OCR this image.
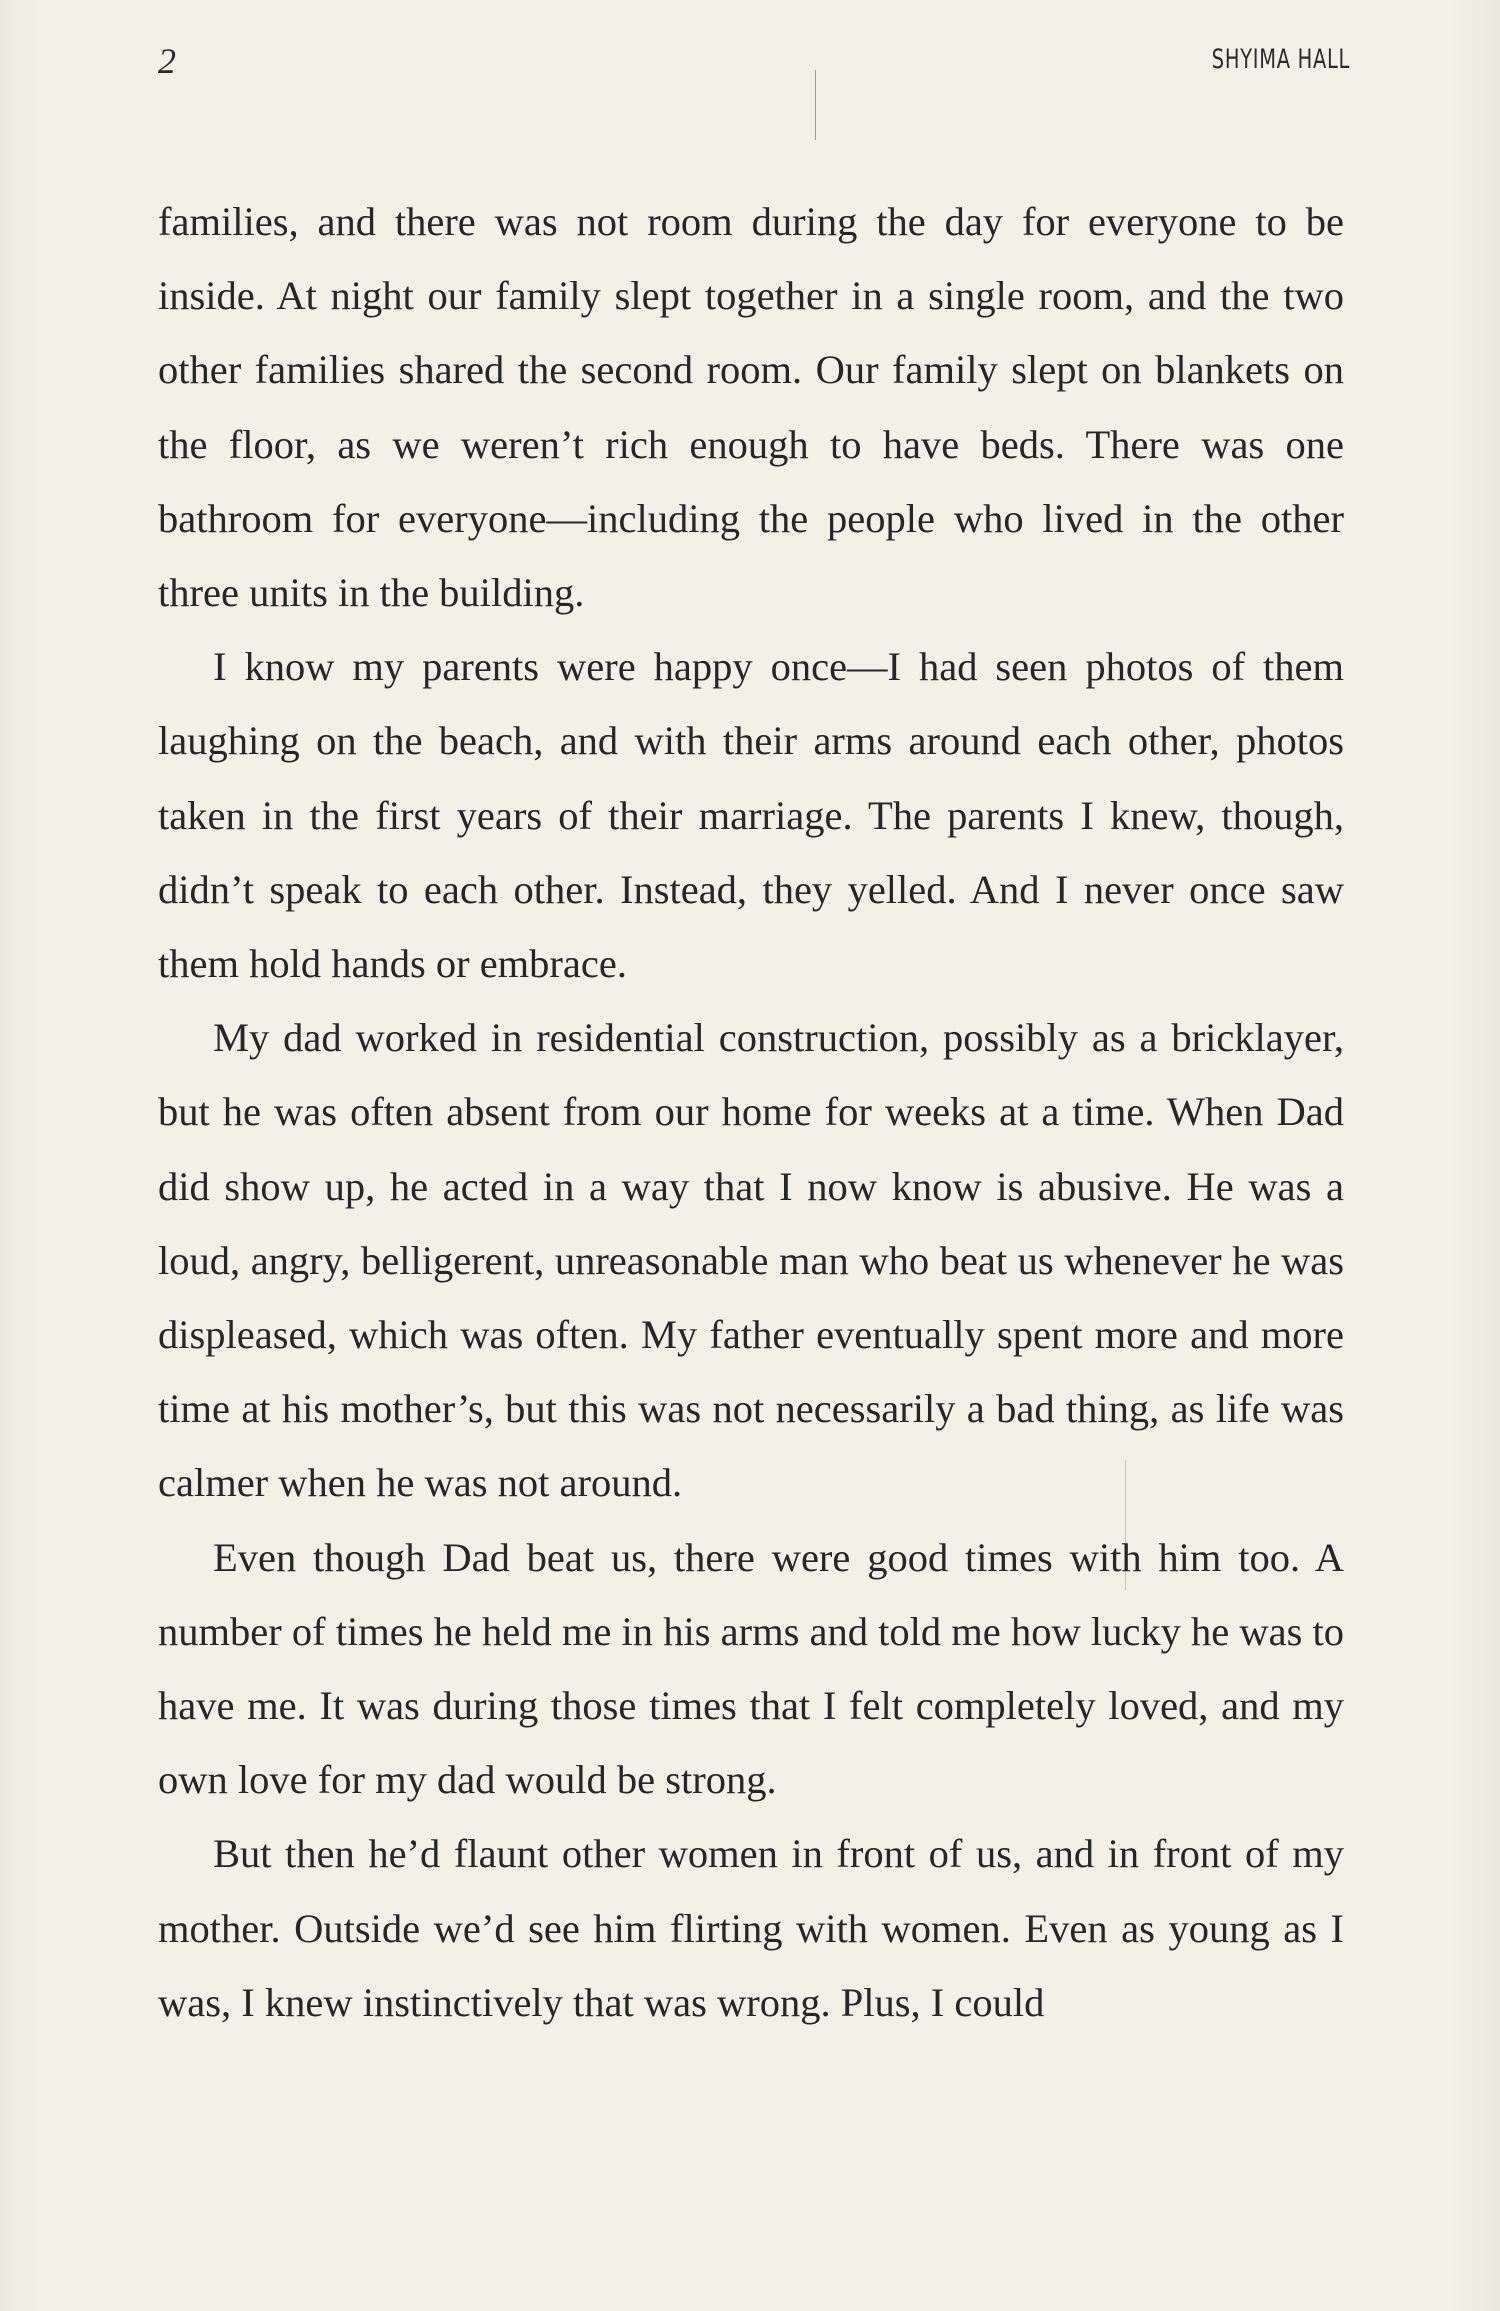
2	SHYIMA HALL

families, and there was not room during the day for everyone to be inside. At night our family slept together in a single room, and the two other families shared the second room. Our family slept on blankets on the floor, as we weren’t rich enough to have beds. There was one bathroom for everyone—including the people who lived in the other three units in the building.

I know my parents were happy once—I had seen photos of them laughing on the beach, and with their arms around each other, photos taken in the first years of their marriage. The parents I knew, though, didn’t speak to each other. Instead, they yelled. And I never once saw them hold hands or embrace.

My dad worked in residential construction, possibly as a bricklayer, but he was often absent from our home for weeks at a time. When Dad did show up, he acted in a way that I now know is abusive. He was a loud, angry, belligerent, unreasonable man who beat us whenever he was displeased, which was often. My father eventually spent more and more time at his mother’s, but this was not necessarily a bad thing, as life was calmer when he was not around.

Even though Dad beat us, there were good times with him too. A number of times he held me in his arms and told me how lucky he was to have me. It was during those times that I felt completely loved, and my own love for my dad would be strong.

But then he’d flaunt other women in front of us, and in front of my mother. Outside we’d see him flirting with women. Even as young as I was, I knew instinctively that was wrong. Plus, I could
